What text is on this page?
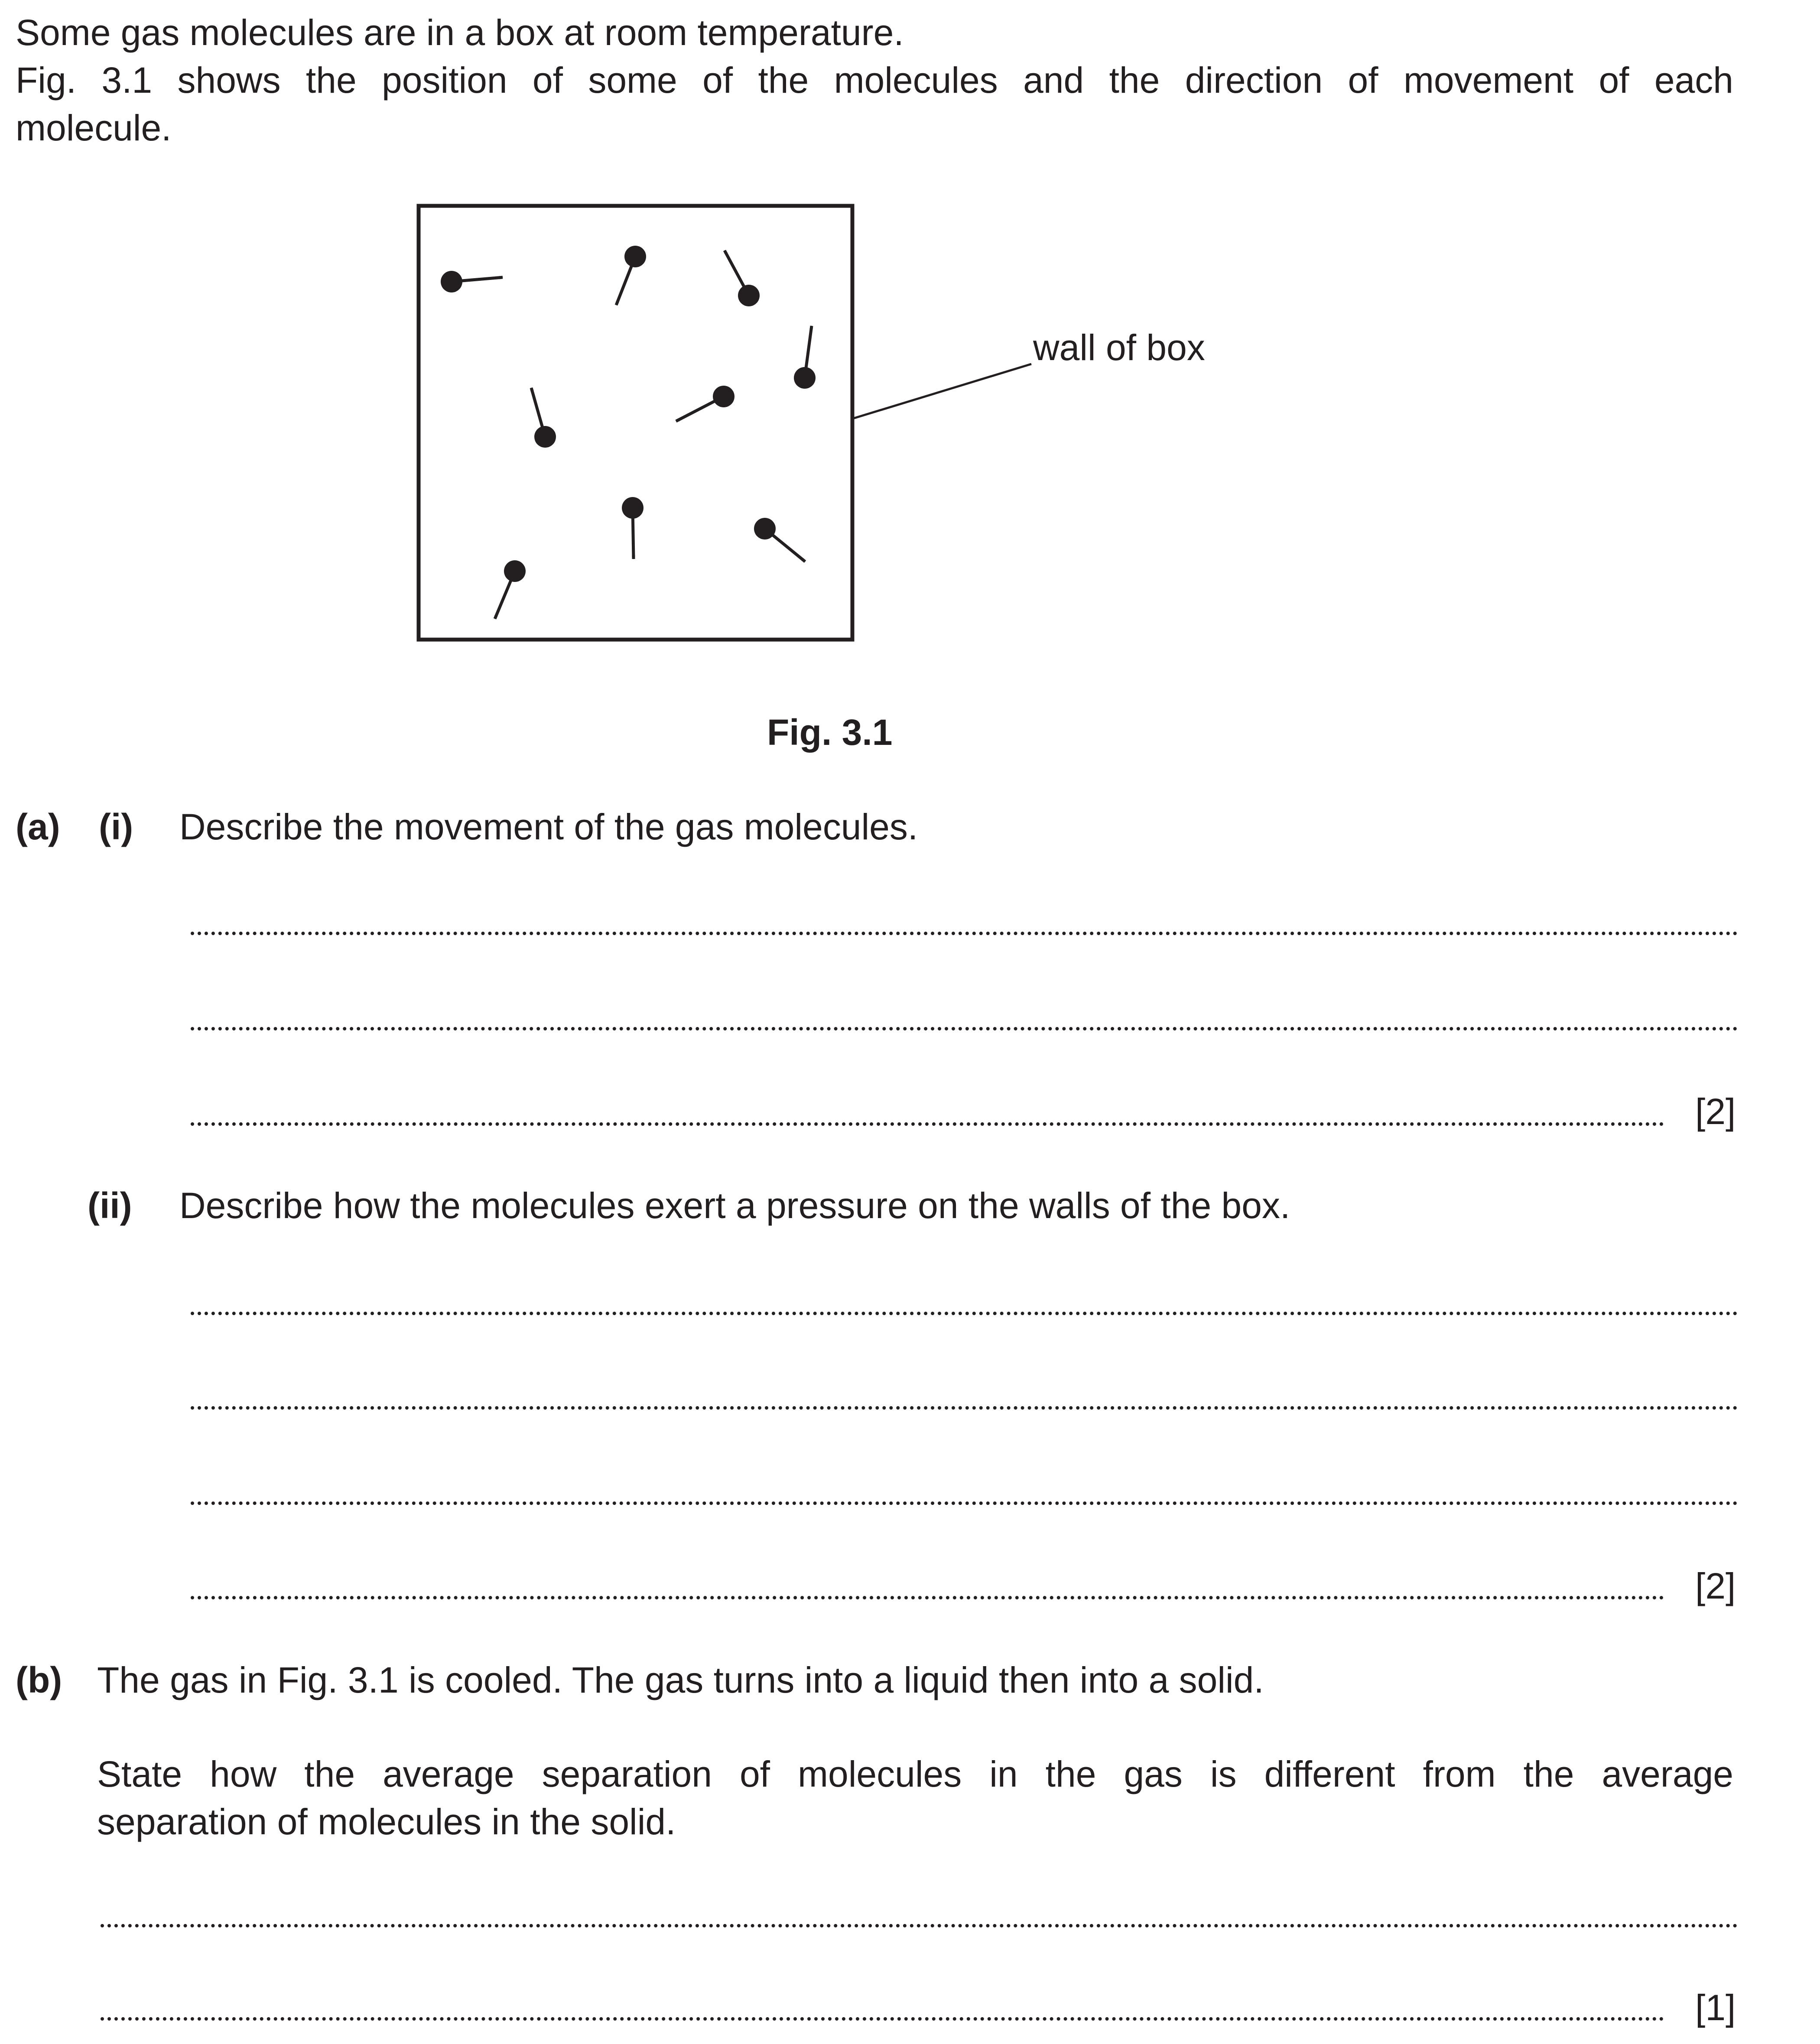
Some gas molecules are in a box at room temperature.
Fig. 3.1 shows the position of some of the molecules and the direction of movement of each
molecule.
wall of box
Fig. 3.1
(a) (i) Describe the movement of the gas molecules.
[2]
(ii) Describe how the molecules exert a pressure on the walls of the box.
[2]
(b) The gas in Fig. 3.1 is cooled. The gas turns into a liquid then into a solid.
State how the average separation of molecules in the gas is different from the average
separation of molecules in the solid.
[1]
